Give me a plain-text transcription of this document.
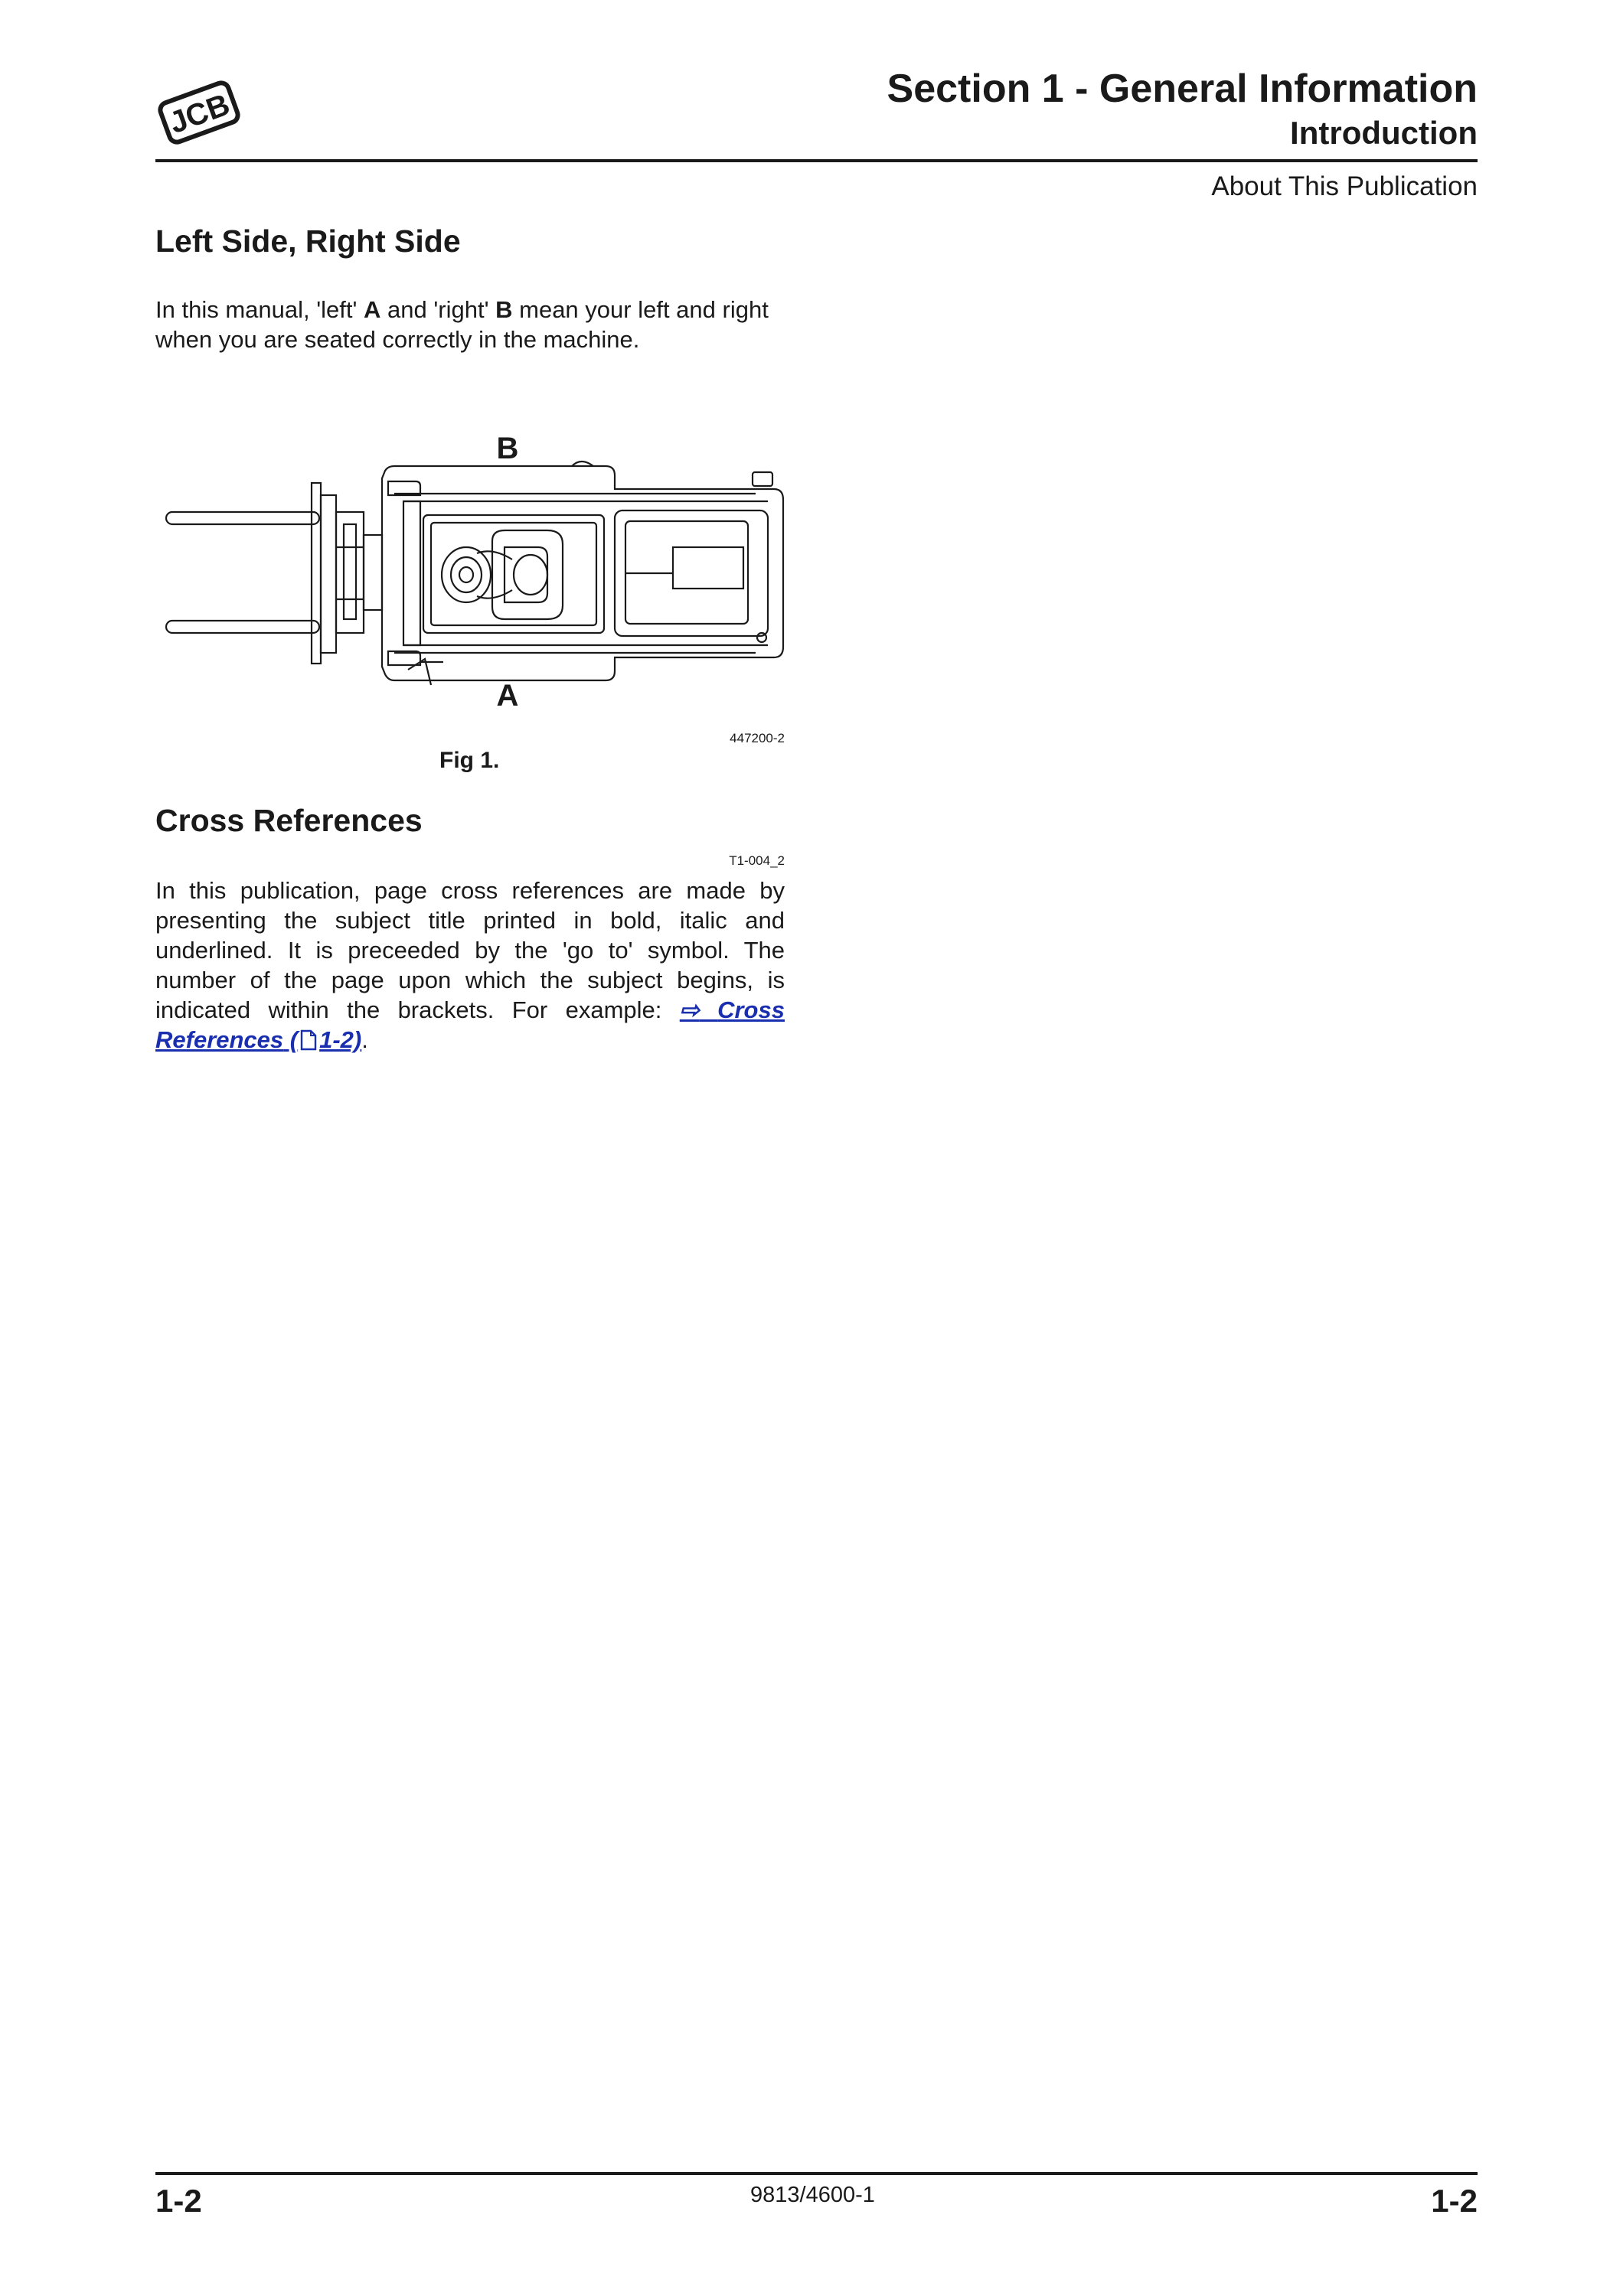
JCB	Section 1 - General Information
Introduction
About This Publication
Left Side, Right Side
In this manual, 'left' A and 'right' B mean your left and right when you are seated correctly in the machine.
B
A
447200-2
Fig 1.
Cross References
T1-004_2
In this publication, page cross references are made by presenting the subject title printed in bold, italic and underlined. It is preceeded by the 'go to' symbol. The number of the page upon which the subject begins, is indicated within the brackets. For example: ⇨ Cross References ( 1-2).
1-2	9813/4600-1	1-2
